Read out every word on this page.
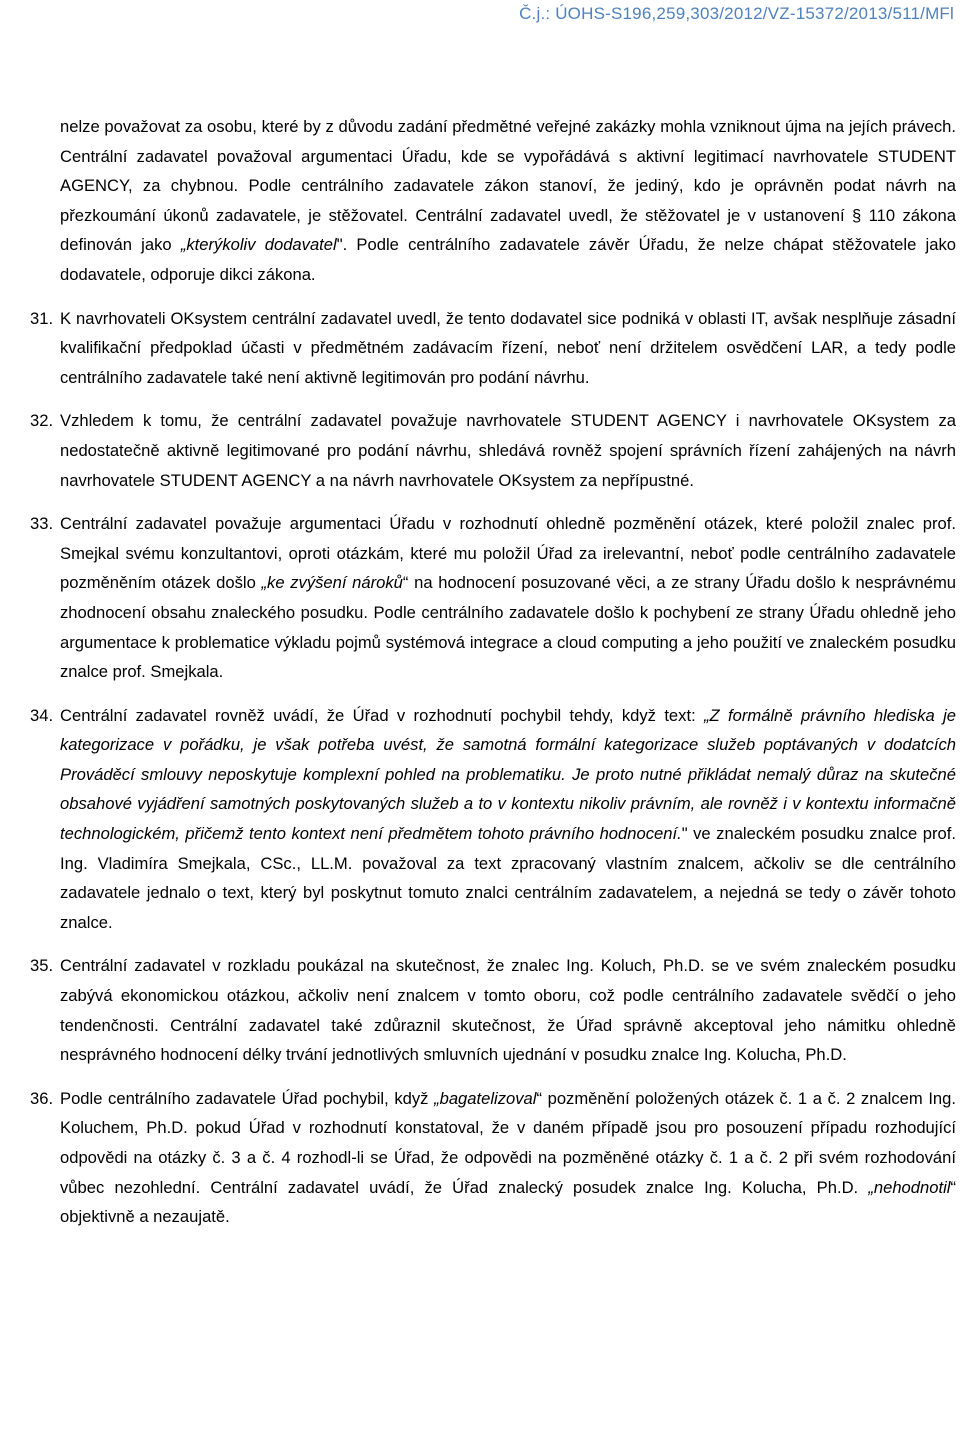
Č.j.: ÚOHS-S196,259,303/2012/VZ-15372/2013/511/MFl
nelze považovat za osobu, které by z důvodu zadání předmětné veřejné zakázky mohla vzniknout újma na jejích právech. Centrální zadavatel považoval argumentaci Úřadu, kde se vypořádává s aktivní legitimací navrhovatele STUDENT AGENCY, za chybnou. Podle centrálního zadavatele zákon stanoví, že jediný, kdo je oprávněn podat návrh na přezkoumání úkonů zadavatele, je stěžovatel. Centrální zadavatel uvedl, že stěžovatel je v ustanovení § 110 zákona definován jako „kterýkoliv dodavatel". Podle centrálního zadavatele závěr Úřadu, že nelze chápat stěžovatele jako dodavatele, odporuje dikci zákona.
31. K navrhovateli OKsystem centrální zadavatel uvedl, že tento dodavatel sice podniká v oblasti IT, avšak nesplňuje zásadní kvalifikační předpoklad účasti v předmětném zadávacím řízení, neboť není držitelem osvědčení LAR, a tedy podle centrálního zadavatele také není aktivně legitimován pro podání návrhu.
32. Vzhledem k tomu, že centrální zadavatel považuje navrhovatele STUDENT AGENCY i navrhovatele OKsystem za nedostatečně aktivně legitimované pro podání návrhu, shledává rovněž spojení správních řízení zahájených na návrh navrhovatele STUDENT AGENCY a na návrh navrhovatele OKsystem za nepřípustné.
33. Centrální zadavatel považuje argumentaci Úřadu v rozhodnutí ohledně pozměnění otázek, které položil znalec prof. Smejkal svému konzultantovi, oproti otázkám, které mu položil Úřad za irelevantní, neboť podle centrálního zadavatele pozměněním otázek došlo „ke zvýšení nároků“ na hodnocení posuzované věci, a ze strany Úřadu došlo k nesprávnému zhodnocení obsahu znaleckého posudku. Podle centrálního zadavatele došlo k pochybení ze strany Úřadu ohledně jeho argumentace k problematice výkladu pojmů systémová integrace a cloud computing a jeho použití ve znaleckém posudku znalce prof. Smejkala.
34. Centrální zadavatel rovněž uvádí, že Úřad v rozhodnutí pochybil tehdy, když text: „Z formálně právního hlediska je kategorizace v pořádku, je však potřeba uvést, že samotná formální kategorizace služeb poptávaných v dodatcích Prováděcí smlouvy neposkytuje komplexní pohled na problematiku. Je proto nutné přikládat nemalý důraz na skutečné obsahové vyjádření samotných poskytovaných služeb a to v kontextu nikoliv právním, ale rovněž i v kontextu informačně technologickém, přičemž tento kontext není předmětem tohoto právního hodnocení." ve znaleckém posudku znalce prof. Ing. Vladimíra Smejkala, CSc., LL.M. považoval za text zpracovaný vlastním znalcem, ačkoliv se dle centrálního zadavatele jednalo o text, který byl poskytnut tomuto znalci centrálním zadavatelem, a nejedná se tedy o závěr tohoto znalce.
35. Centrální zadavatel v rozkladu poukázal na skutečnost, že znalec Ing. Koluch, Ph.D. se ve svém znaleckém posudku zabývá ekonomickou otázkou, ačkoliv není znalcem v tomto oboru, což podle centrálního zadavatele svědčí o jeho tendenčnosti. Centrální zadavatel také zdůraznil skutečnost, že Úřad správně akceptoval jeho námitku ohledně nesprávného hodnocení délky trvání jednotlivých smluvních ujednání v posudku znalce Ing. Kolucha, Ph.D.
36. Podle centrálního zadavatele Úřad pochybil, když „bagatelizoval“ pozměnění položených otázek č. 1 a č. 2 znalcem Ing. Koluchem, Ph.D. pokud Úřad v rozhodnutí konstatoval, že v daném případě jsou pro posouzení případu rozhodující odpovědi na otázky č. 3 a č. 4 rozhodl-li se Úřad, že odpovědi na pozměněné otázky č. 1 a č. 2 při svém rozhodování vůbec nezohlední. Centrální zadavatel uvádí, že Úřad znalecký posudek znalce Ing. Kolucha, Ph.D. „nehodnotil“ objektivně a nezaujatě.
